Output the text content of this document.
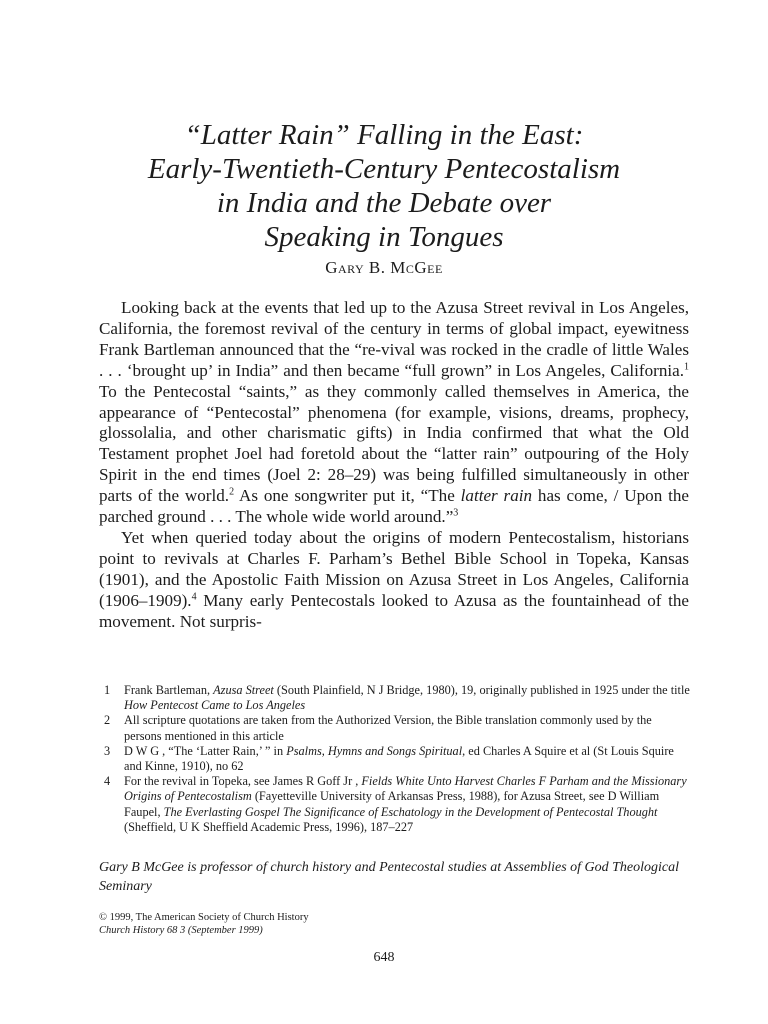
“Latter Rain” Falling in the East:
Early-Twentieth-Century Pentecostalism
in India and the Debate over
Speaking in Tongues
Gary B. McGee

Looking back at the events that led up to the Azusa Street revival in Los Angeles, California, the foremost revival of the century in terms of global impact, eyewitness Frank Bartleman announced that the “re-vival was rocked in the cradle of little Wales . . . ‘brought up’ in India” and then became “full grown” in Los Angeles, California.$^1$ To the Pentecostal “saints,” as they commonly called themselves in America, the appearance of “Pentecostal” phenomena (for example, visions, dreams, prophecy, glossolalia, and other charismatic gifts) in India confirmed that what the Old Testament prophet Joel had foretold about the “latter rain” outpouring of the Holy Spirit in the end times (Joel 2: 28–29) was being fulfilled simultaneously in other parts of the world.$^2$ As one songwriter put it, “The latter rain has come, / Upon the parched ground . . . The whole wide world around.”$^3$

Yet when queried today about the origins of modern Pentecostalism, historians point to revivals at Charles F. Parham’s Bethel Bible School in Topeka, Kansas (1901), and the Apostolic Faith Mission on Azusa Street in Los Angeles, California (1906–1909).$^4$ Many early Pentecostals looked to Azusa as the fountainhead of the movement. Not surpris-

1	Frank Bartleman, Azusa Street (South Plainfield, N J Bridge, 1980), 19, originally published in 1925 under the title How Pentecost Came to Los Angeles
2	All scripture quotations are taken from the Authorized Version, the Bible translation commonly used by the persons mentioned in this article
3	D W G , “The ‘Latter Rain,’ ” in Psalms, Hymns and Songs Spiritual, ed Charles A Squire et al (St Louis Squire and Kinne, 1910), no 62
4	For the revival in Topeka, see James R Goff Jr , Fields White Unto Harvest Charles F Parham and the Missionary Origins of Pentecostalism (Fayetteville University of Arkansas Press, 1988), for Azusa Street, see D William Faupel, The Everlasting Gospel The Significance of Eschatology in the Development of Pentecostal Thought (Sheffield, U K Sheffield Academic Press, 1996), 187–227
Gary B McGee is professor of church history and Pentecostal studies at Assemblies of God Theological Seminary
© 1999, The American Society of Church History
Church History 68 3 (September 1999)
648
